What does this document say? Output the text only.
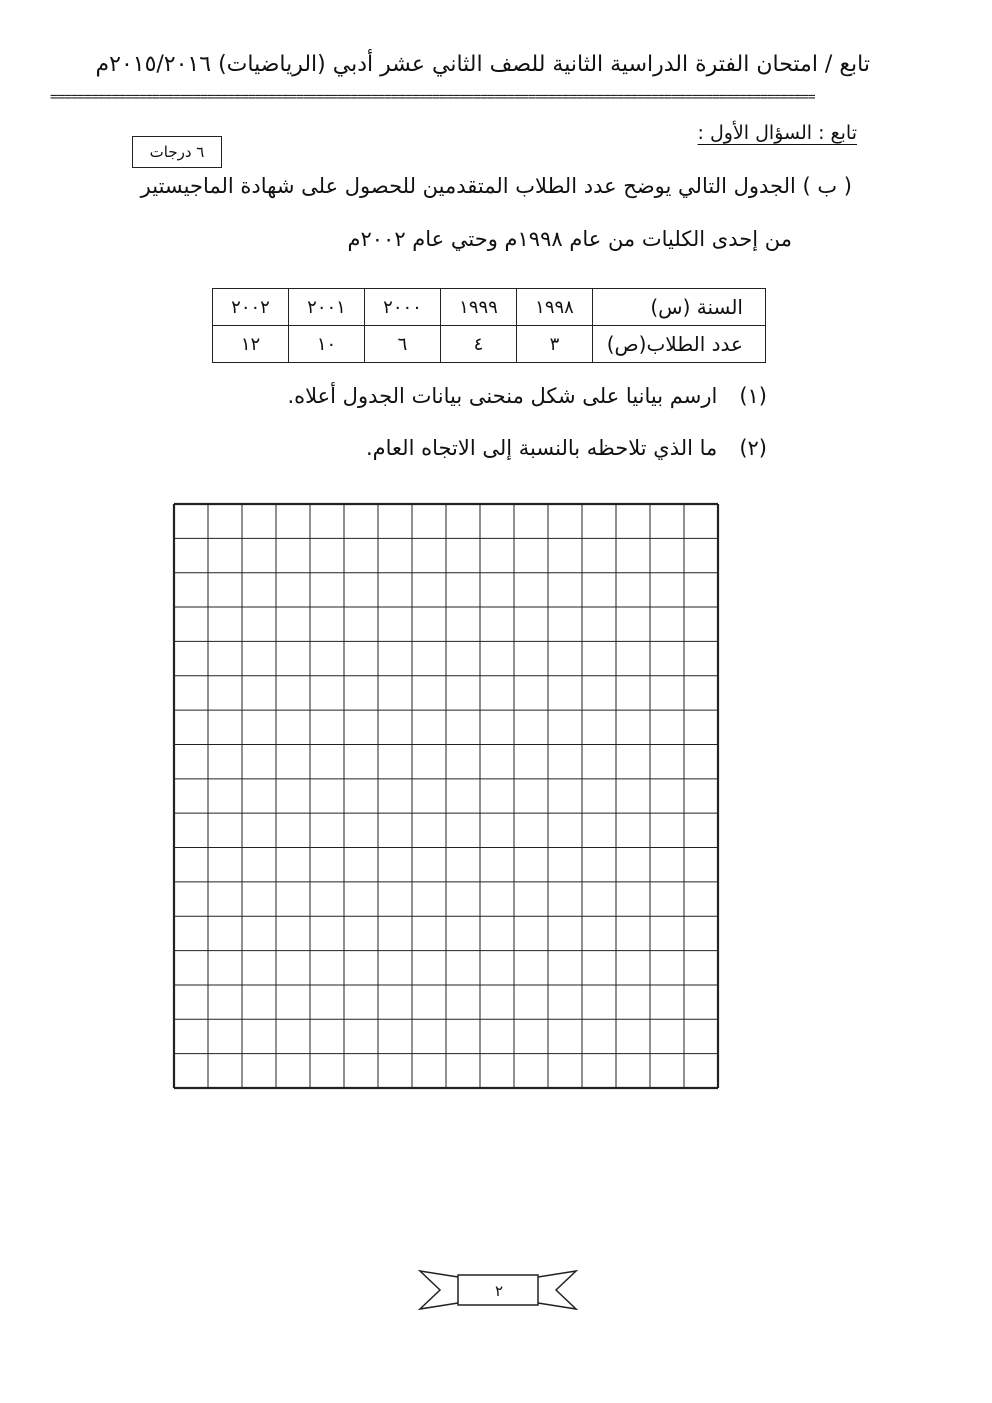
تابع / امتحان الفترة الدراسية الثانية للصف الثاني عشر أدبي (الرياضيات) ٢٠١٥/٢٠١٦م
================================================================================================================
تابع : السؤال الأول :
٦ درجات
( ب ) الجدول التالي يوضح عدد الطلاب المتقدمين للحصول على شهادة الماجيستير
من إحدى الكليات من عام ١٩٩٨م وحتي عام ٢٠٠٢م
السنة (س)	١٩٩٨	١٩٩٩	٢٠٠٠	٢٠٠١	٢٠٠٢
عدد الطلاب(ص)	٣	٤	٦	١٠	١٢
(١)ارسم بيانيا على شكل منحنى بيانات الجدول أعلاه.
(٢)ما الذي تلاحظه بالنسبة إلى الاتجاه العام.
٢
